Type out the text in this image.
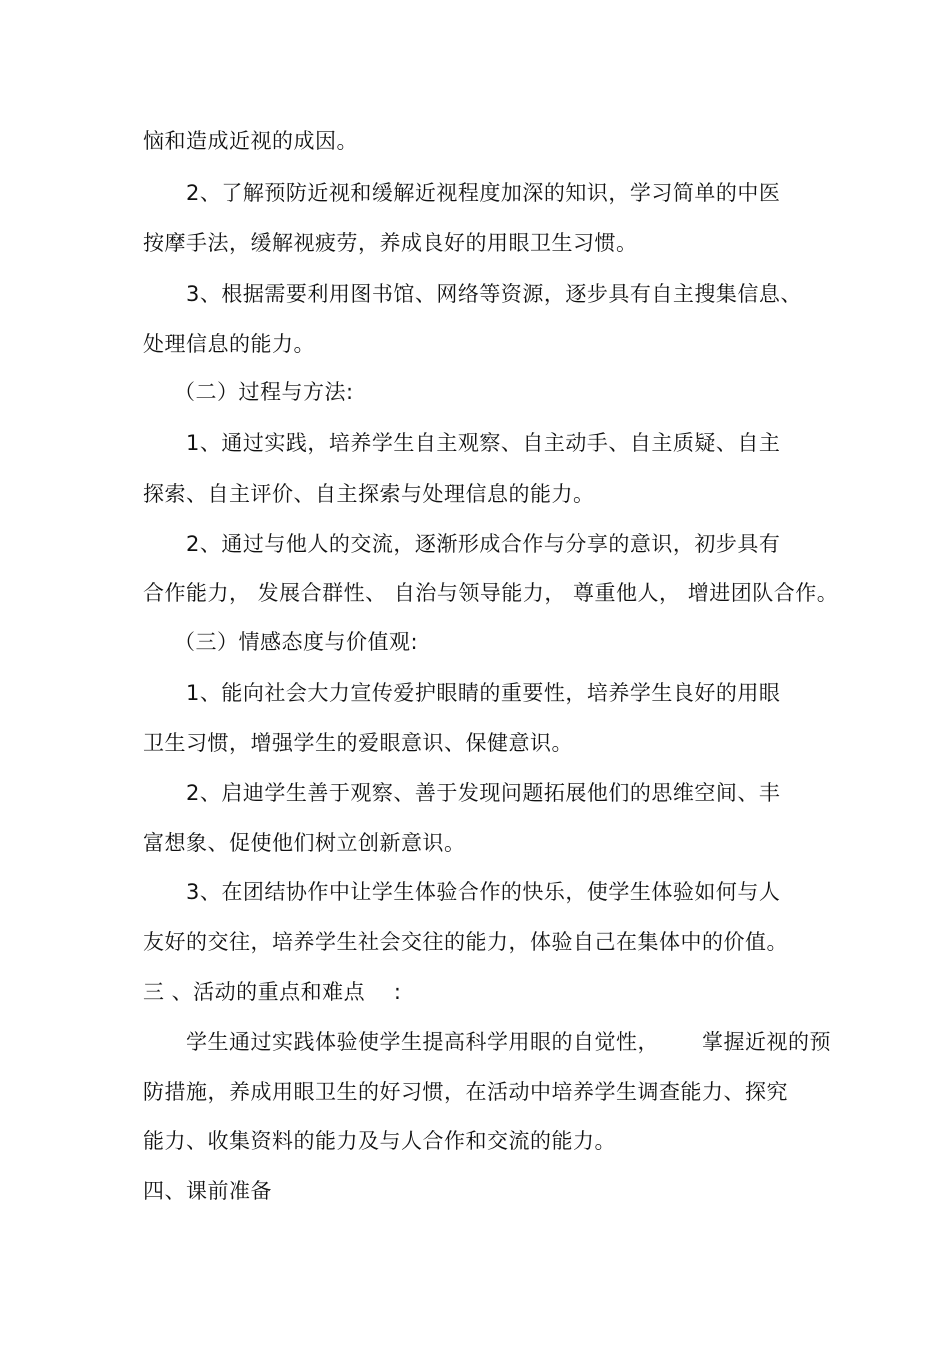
恼和造成近视的成因。
2、了解预防近视和缓解近视程度加深的知识，学习简单的中医
按摩手法，缓解视疲劳，养成良好的用眼卫生习惯。
3、根据需要利用图书馆、网络等资源，逐步具有自主搜集信息、
处理信息的能力。
（二）过程与方法:
1、通过实践，培养学生自主观察、自主动手、自主质疑、自主
探索、自主评价、自主探索与处理信息的能力。
2、通过与他人的交流，逐渐形成合作与分享的意识，初步具有
合作能力， 发展合群性、 自治与领导能力， 尊重他人， 增进团队合作。
（三）情感态度与价值观:
1、能向社会大力宣传爱护眼睛的重要性，培养学生良好的用眼
卫生习惯，增强学生的爱眼意识、保健意识。
2、启迪学生善于观察、善于发现问题拓展他们的思维空间、丰
富想象、促使他们树立创新意识。
3、在团结协作中让学生体验合作的快乐，使学生体验如何与人
友好的交往，培养学生社会交往的能力，体验自己在集体中的价值。
三 、活动的重点和难点    :
学生通过实践体验使学生提高科学用眼的自觉性，      掌握近视的预
防措施，养成用眼卫生的好习惯，在活动中培养学生调查能力、探究
能力、收集资料的能力及与人合作和交流的能力。
四、课前准备
